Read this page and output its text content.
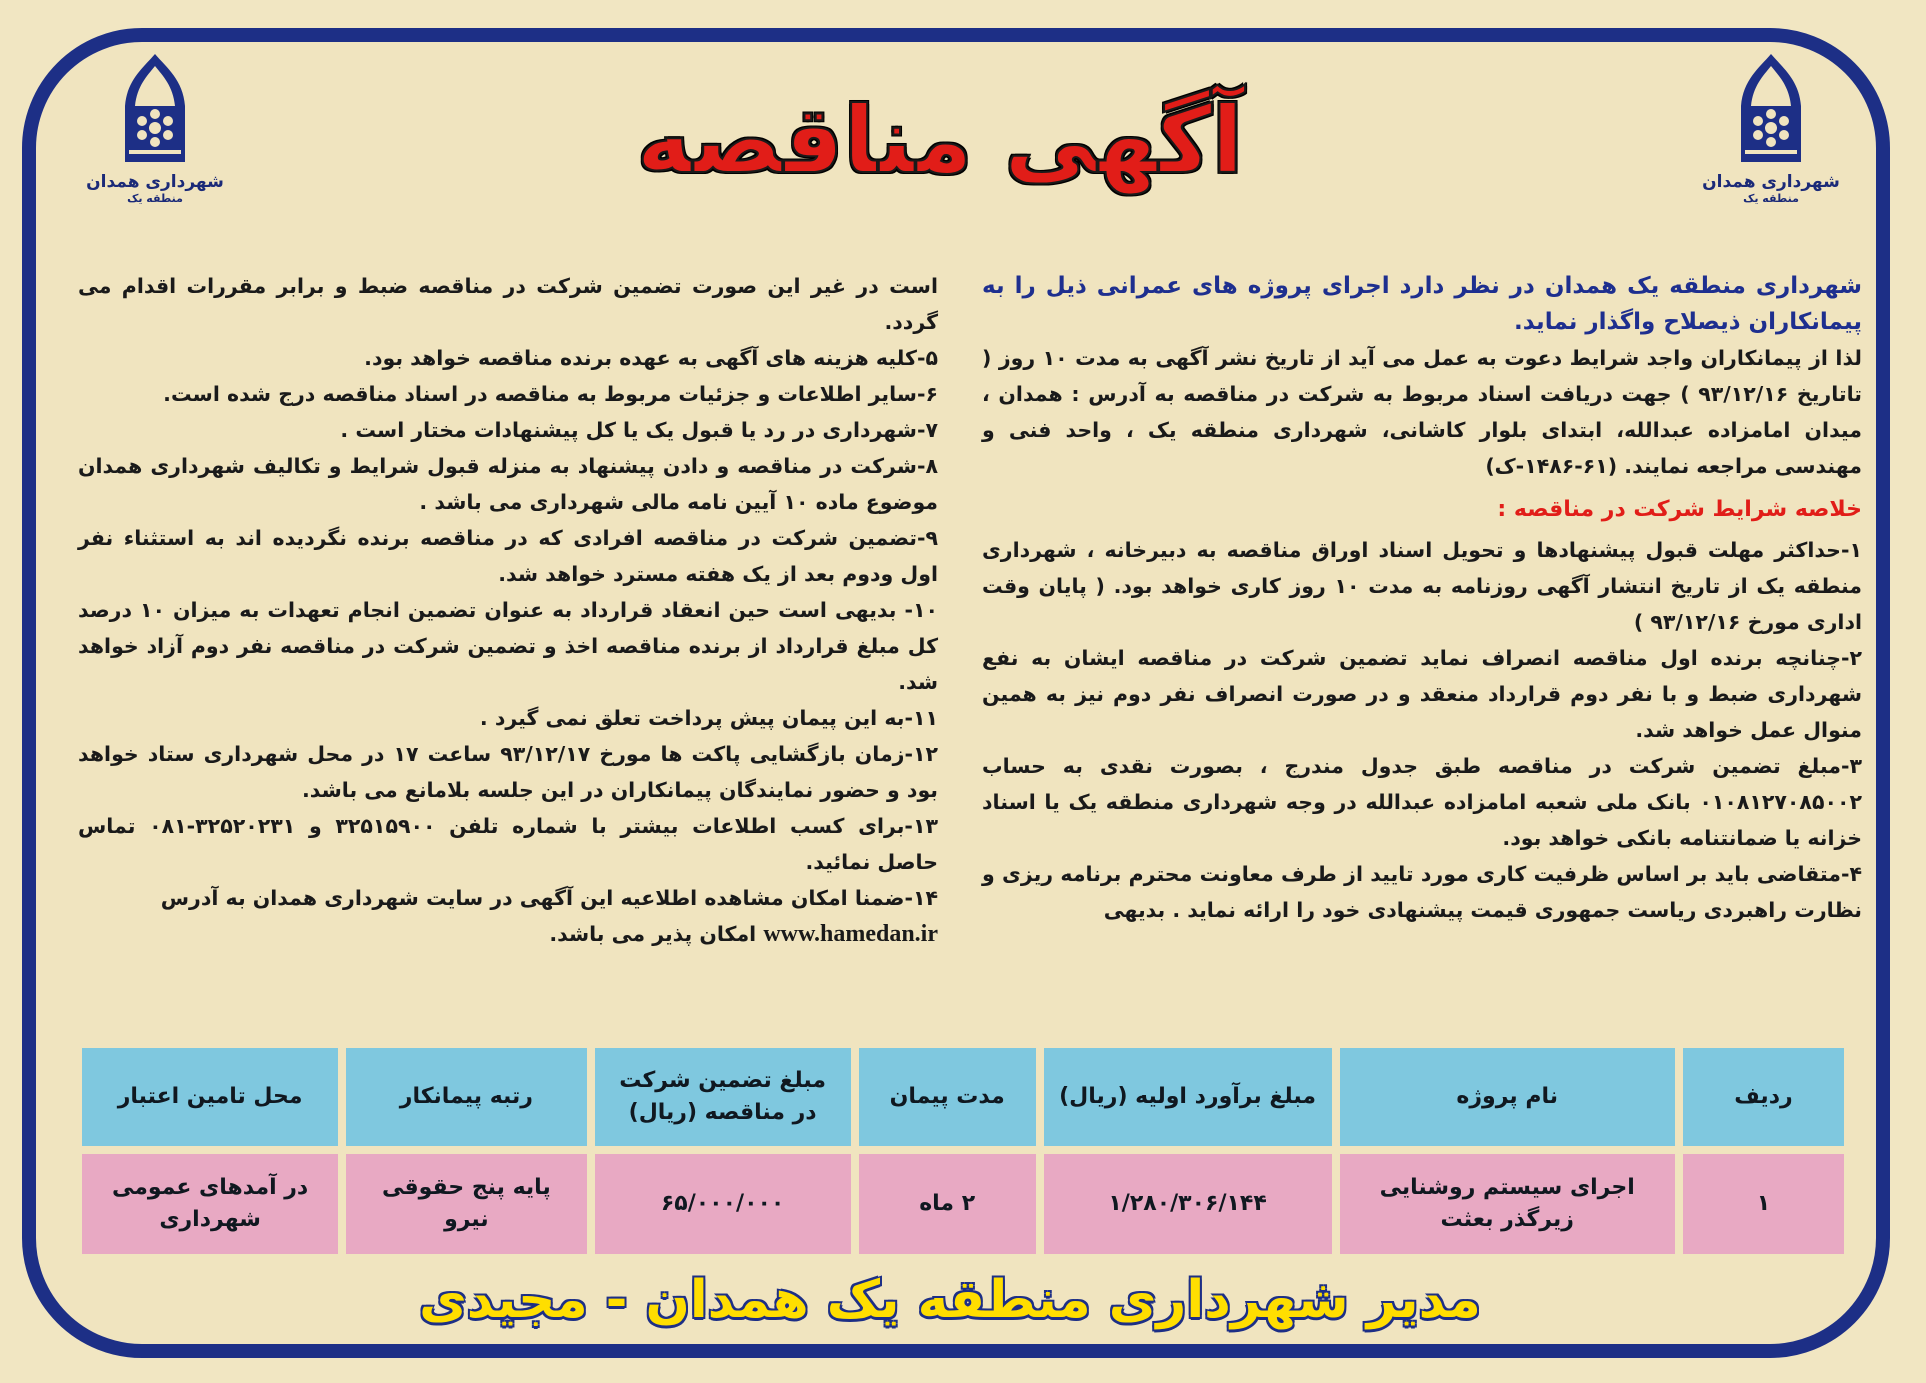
شهرداری همدان
منطقه یک
شهرداری همدان
منطقه یک
آگهی مناقصه

شهرداری منطقه یک همدان در نظر دارد اجرای پروژه های عمرانی ذیل را به پیمانکاران ذیصلاح واگذار نماید.

لذا از پیمانکاران واجد شرایط دعوت به عمل می آید از تاریخ نشر آگهی به مدت ۱۰ روز ( تاتاریخ ۹۳/۱۲/۱۶ ) جهت دریافت اسناد مربوط به شرکت در مناقصه به آدرس : همدان ، میدان امامزاده عبدالله، ابتدای بلوار کاشانی، شهرداری منطقه یک ، واحد فنی و مهندسی مراجعه نمایند. (۶۱-۱۴۸۶-ک)

خلاصه شرایط شرکت در مناقصه :

۱-حداکثر مهلت قبول پیشنهادها و تحویل اسناد اوراق مناقصه به دبیرخانه ، شهرداری منطقه یک از تاریخ انتشار آگهی روزنامه به مدت ۱۰ روز کاری خواهد بود. ( پایان وقت اداری مورخ ۹۳/۱۲/۱۶ )

۲-چنانچه برنده اول مناقصه انصراف نماید تضمین شرکت در مناقصه ایشان به نفع شهرداری ضبط و با نفر دوم قرارداد منعقد و در صورت انصراف نفر دوم نیز به همین منوال عمل خواهد شد.

۳-مبلغ تضمین شرکت در مناقصه طبق جدول مندرج ، بصورت نقدی به حساب ۰۱۰۸۱۲۷۰۸۵۰۰۲ بانک ملی شعبه امامزاده عبدالله در وجه شهرداری منطقه یک یا اسناد خزانه یا ضمانتنامه بانکی خواهد بود.

۴-متقاضی باید بر اساس ظرفیت کاری مورد تایید از طرف معاونت محترم برنامه ریزی و نظارت راهبردی ریاست جمهوری قیمت پیشنهادی خود را ارائه نماید . بدیهی

است در غیر این صورت تضمین شرکت در مناقصه ضبط و برابر مقررات اقدام می گردد.

۵-کلیه هزینه های آگهی به عهده برنده مناقصه خواهد بود.

۶-سایر اطلاعات و جزئیات مربوط به مناقصه در اسناد مناقصه درج شده است.

۷-شهرداری در رد یا قبول یک یا کل پیشنهادات مختار است .

۸-شرکت در مناقصه و دادن پیشنهاد به منزله قبول شرایط و تکالیف شهرداری همدان موضوع ماده ۱۰ آیین نامه مالی شهرداری می باشد .

۹-تضمین شرکت در مناقصه افرادی که در مناقصه برنده نگردیده اند به استثناء نفر اول ودوم بعد از یک هفته مسترد خواهد شد.

۱۰- بدیهی است حین انعقاد قرارداد به عنوان تضمین انجام تعهدات به میزان ۱۰ درصد کل مبلغ قرارداد از برنده مناقصه اخذ و تضمین شرکت در مناقصه نفر دوم آزاد خواهد شد.

۱۱-به این پیمان پیش پرداخت تعلق نمی گیرد .

۱۲-زمان بازگشایی پاکت ها مورخ ۹۳/۱۲/۱۷ ساعت ۱۷ در محل شهرداری ستاد خواهد بود و حضور نمایندگان پیمانکاران در این جلسه بلامانع می باشد.

۱۳-برای کسب اطلاعات بیشتر با شماره تلفن ۳۲۵۱۵۹۰۰ و ۳۲۵۲۰۲۳۱-۰۸۱ تماس حاصل نمائید.

۱۴-ضمنا امکان مشاهده اطلاعیه این آگهی در سایت شهرداری همدان به آدرس

www.hamedan.ir امکان پذیر می باشد.

ردیف	نام پروژه	مبلغ برآورد اولیه (ریال)	مدت پیمان	مبلغ تضمین شرکت در مناقصه (ریال)	رتبه پیمانکار	محل تامین اعتبار
۱	اجرای سیستم روشنایی زیرگذر بعثت	۱/۲۸۰/۳۰۶/۱۴۴	۲ ماه	۶۵/۰۰۰/۰۰۰	پایه پنج حقوقی نیرو	در آمدهای عمومی شهرداری
مدیر شهرداری منطقه یک همدان - مجیدی
